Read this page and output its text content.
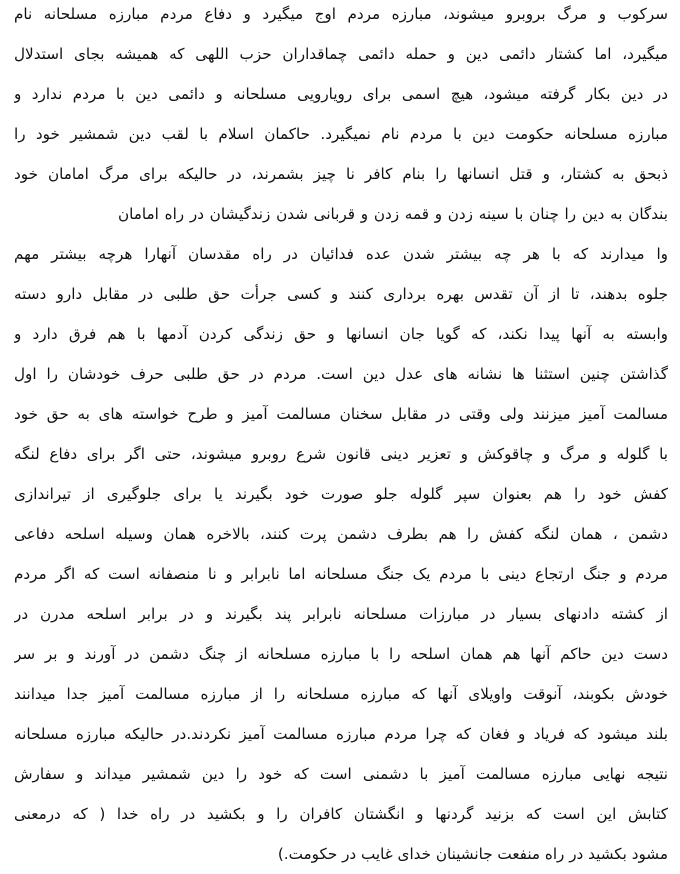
سرکوب و مرگ بروبرو میشوند، مبارزه مردم اوج میگیرد و دفاع مردم مبارزه مسلحانه نام
میگیرد، اما کشتار دائمی دین و حمله دائمی چماقداران حزب اللهی که همیشه بجای استدلال
در دین بکار گرفته میشود، هیچ اسمی برای رویارویی مسلحانه و دائمی دین با مردم ندارد و
مبارزه مسلحانه حکومت دین با مردم نام نمیگیرد. حاکمان اسلام با لقب دین شمشیر خود را
ذبحق به کشتار، و قتل انسانها را بنام کافر نا چیز بشمرند، در حالیکه برای مرگ امامان خود
بندگان به دین را چنان با سینه زدن و قمه زدن و قربانی شدن زندگیشان در راه امامان
وا میدارند که با هر چه بیشتر شدن عده فدائیان در راه مقدسان آنهارا هرچه بیشتر مهم
جلوه بدهند، تا از آن تقدس بهره برداری کنند و کسی جرأت حق طلبی در مقابل دارو دسته
وابسته به آنها پیدا نکند، که گویا جان انسانها و حق زندگی کردن آدمها با هم فرق دارد و
گذاشتن چنین استثنا ها نشانه های عدل دین است. مردم در حق طلبی حرف خودشان را اول
مسالمت آمیز میزنند ولی وقتی در مقابل سخنان مسالمت آمیز و طرح خواسته های به حق خود
با گلوله و مرگ و چاقوکش و تعزیر دینی قانون شرع روبرو میشوند، حتی اگر برای دفاع لنگه
کفش خود را هم بعنوان سپر گلوله جلو صورت خود بگیرند یا برای جلوگیری از تیراندازی
دشمن ، همان لنگه کفش را هم بطرف دشمن پرت کنند، بالاخره همان وسیله اسلحه دفاعی
مردم و جنگ ارتجاع دینی با مردم یک جنگ مسلحانه اما نابرابر و نا منصفانه است که اگر مردم
از کشته دادنهای بسیار در مبارزات مسلحانه نابرابر پند بگیرند و در برابر اسلحه مدرن در
دست دین حاکم آنها هم همان اسلحه را با مبارزه مسلحانه از چنگ دشمن در آورند و بر سر
خودش بکوبند، آنوقت واویلای آنها که مبارزه مسلحانه را از مبارزه مسالمت آمیز جدا میدانند
بلند میشود که فریاد و فغان که چرا مردم مبارزه مسالمت آمیز نکردند.در حالیکه مبارزه مسلحانه
نتیجه نهایی مبارزه مسالمت آمیز با دشمنی است که خود را دین شمشیر میداند و سفارش
کتابش این است که بزنید گردنها و انگشتان کافران را و بکشید در راه خدا ( که درمعنی
مشود بکشید در راه منفعت جانشینان خدای غایب در حکومت.)
